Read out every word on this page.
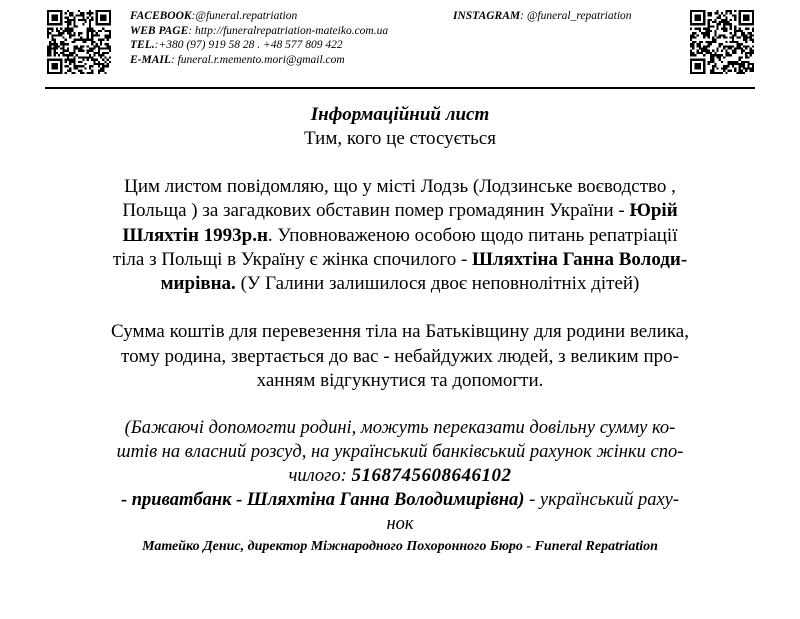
FACEBOOK:@funeral.repatriation	INSTAGRAM: @funeral_repatriation
WEB PAGE: http://funeralrepatriation-mateiko.com.ua
TEL.:+380 (97) 919 58 28 . +48 577 809 422
E-MAIL: funeral.r.memento.mori@gmail.com
Інформаційний лист
Тим, кого це стосується
Цим листом повідомляю, що у місті Лодзь (Лодзинське воєводство ,
Польща ) за загадкових обставин помер громадянин України - Юрій
Шляхтін 1993р.н. Уповноваженою особою щодо питань репатріації
тіла з Польщі в Україну є жінка спочилого - Шляхтіна Ганна Володи-
мирівна. (У Галини залишилося двоє неповнолітніх дітей)
Сумма коштів для перевезення тіла на Батьківщину для родини велика,
тому родина, звертається до вас - небайдужих людей, з великим про-
ханням відгукнутися та допомогти.
(Бажаючі допомогти родині, можуть переказати довільну сумму ко-
штів на власний розсуд, на український банківський рахунок жінки спо-
чилого: 5168745608646102
- приватбанк - Шляхтіна Ганна Володимирівна) - український раху-
нок
Матейко Денис, директор Міжнародного Похоронного Бюро - Funeral Repatriation
